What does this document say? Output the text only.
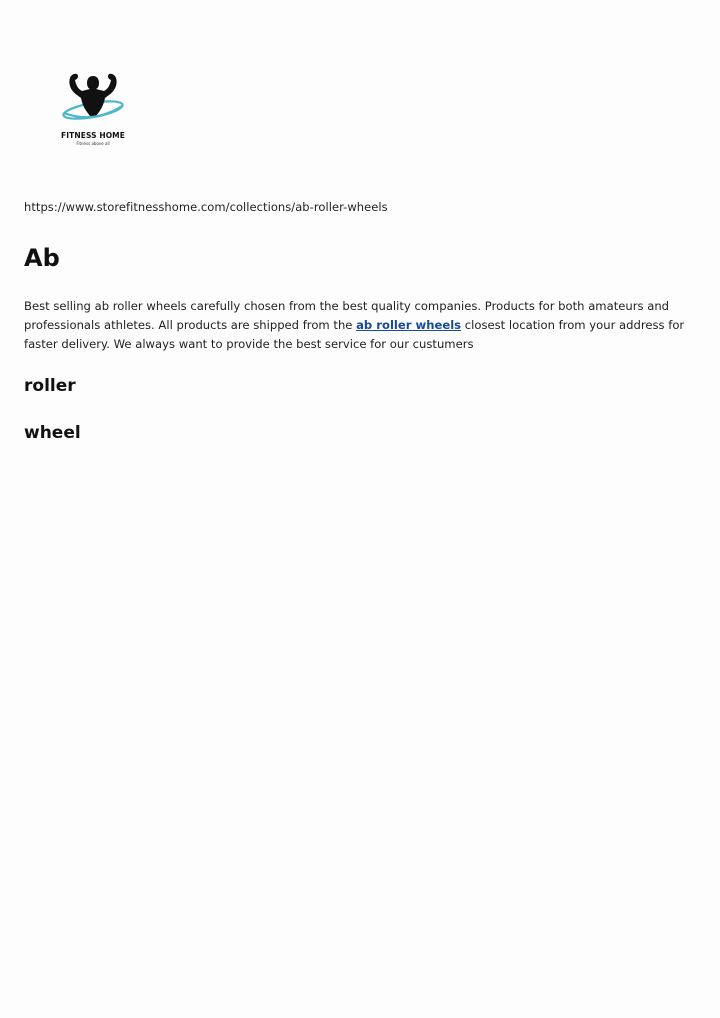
FITNESS HOME
Fitness above all
https://www.storefitnesshome.com/collections/ab-roller-wheels
Ab

Best selling ab roller wheels carefully chosen from the best quality companies. Products for both amateurs and professionals athletes. All products are shipped from the ab roller wheels closest location from your address for faster delivery. We always want to provide the best service for our custumers

roller
wheel
